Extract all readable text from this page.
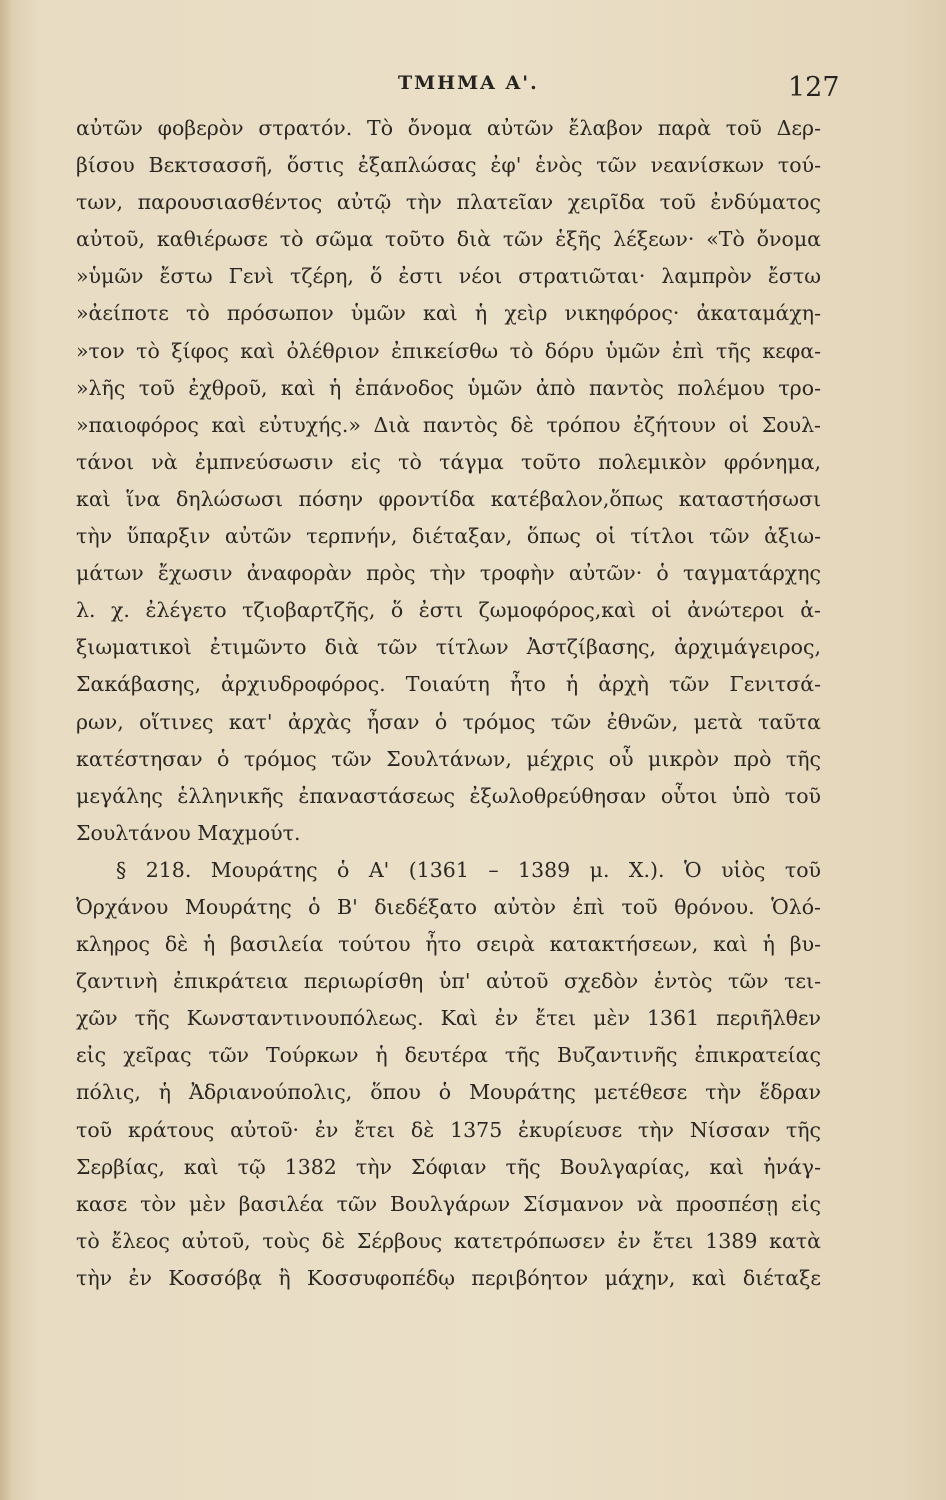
ΤΜΗΜΑ Α'.	127
αὐτῶν φοβερὸν στρατόν. Τὸ ὄνομα αὐτῶν ἔλαβον παρὰ τοῦ Δερ-
βίσου Βεκτσασσῆ, ὅστις ἐξαπλώσας ἐφ' ἑνὸς τῶν νεανίσκων τού-
των, παρουσιασθέντος αὐτῷ τὴν πλατεῖαν χειρῖδα τοῦ ἐνδύματος
αὐτοῦ, καθιέρωσε τὸ σῶμα τοῦτο διὰ τῶν ἑξῆς λέξεων· «Τὸ ὄνομα
»ὑμῶν ἔστω Γενὶ τζέρη, ὅ ἐστι νέοι στρατιῶται· λαμπρὸν ἔστω
»ἀείποτε τὸ πρόσωπον ὑμῶν καὶ ἡ χεὶρ νικηφόρος· ἀκαταμάχη-
»τον τὸ ξίφος καὶ ὀλέθριον ἐπικείσθω τὸ δόρυ ὑμῶν ἐπὶ τῆς κεφα-
»λῆς τοῦ ἐχθροῦ, καὶ ἡ ἐπάνοδος ὑμῶν ἀπὸ παντὸς πολέμου τρο-
»παιοφόρος καὶ εὐτυχής.» Διὰ παντὸς δὲ τρόπου ἐζήτουν οἱ Σουλ-
τάνοι νὰ ἐμπνεύσωσιν εἰς τὸ τάγμα τοῦτο πολεμικὸν φρόνημα,
καὶ ἵνα δηλώσωσι πόσην φροντίδα κατέβαλον,ὅπως καταστήσωσι
τὴν ὕπαρξιν αὐτῶν τερπνήν, διέταξαν, ὅπως οἱ τίτλοι τῶν ἀξιω-
μάτων ἔχωσιν ἀναφορὰν πρὸς τὴν τροφὴν αὐτῶν· ὁ ταγματάρχης
λ. χ. ἐλέγετο τζιοβαρτζῆς, ὅ ἐστι ζωμοφόρος,καὶ οἱ ἀνώτεροι ἀ-
ξιωματικοὶ ἐτιμῶντο διὰ τῶν τίτλων Ἀστζίβασης, ἀρχιμάγειρος,
Σακάβασης, ἀρχιυδροφόρος. Τοιαύτη ἦτο ἡ ἀρχὴ τῶν Γενιτσά-
ρων, οἵτινες κατ' ἀρχὰς ἦσαν ὁ τρόμος τῶν ἐθνῶν, μετὰ ταῦτα
κατέστησαν ὁ τρόμος τῶν Σουλτάνων, μέχρις οὗ μικρὸν πρὸ τῆς
μεγάλης ἑλληνικῆς ἐπαναστάσεως ἐξωλοθρεύθησαν οὗτοι ὑπὸ τοῦ
Σουλτάνου Μαχμούτ.
§ 218. Μουράτης ὁ Α' (1361 – 1389 μ. Χ.). Ὁ υἱὸς τοῦ
Ὀρχάνου Μουράτης ὁ Β' διεδέξατο αὐτὸν ἐπὶ τοῦ θρόνου. Ὁλό-
κληρος δὲ ἡ βασιλεία τούτου ἦτο σειρὰ κατακτήσεων, καὶ ἡ βυ-
ζαντινὴ ἐπικράτεια περιωρίσθη ὑπ' αὐτοῦ σχεδὸν ἐντὸς τῶν τει-
χῶν τῆς Κωνσταντινουπόλεως. Καὶ ἐν ἔτει μὲν 1361 περιῆλθεν
εἰς χεῖρας τῶν Τούρκων ἡ δευτέρα τῆς Βυζαντινῆς ἐπικρατείας
πόλις, ἡ Ἀδριανούπολις, ὅπου ὁ Μουράτης μετέθεσε τὴν ἕδραν
τοῦ κράτους αὐτοῦ· ἐν ἔτει δὲ 1375 ἐκυρίευσε τὴν Νίσσαν τῆς
Σερβίας, καὶ τῷ 1382 τὴν Σόφιαν τῆς Βουλγαρίας, καὶ ἠνάγ-
κασε τὸν μὲν βασιλέα τῶν Βουλγάρων Σίσμανον νὰ προσπέσῃ εἰς
τὸ ἔλεος αὐτοῦ, τοὺς δὲ Σέρβους κατετρόπωσεν ἐν ἔτει 1389 κατὰ
τὴν ἐν Κοσσόβᾳ ἢ Κοσσυφοπέδῳ περιβόητον μάχην, καὶ διέταξε
